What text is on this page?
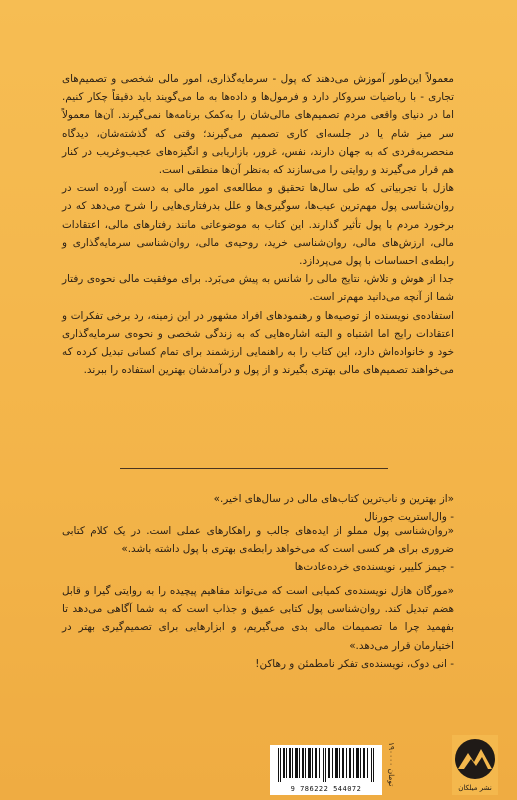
معمولاً این‌طور آموزش می‌دهند که پول - سرمایه‌گذاری، امور مالی شخصی و تصمیم‌های تجاری - با ریاضیات سروکار دارد و فرمول‌ها و داده‌ها به ما می‌گویند باید دقیقاً چکار کنیم. اما در دنیای واقعی مردم تصمیم‌های مالی‌شان را به‌کمک برنامه‌ها نمی‌گیرند. آن‌ها معمولاً سر میز شام یا در جلسه‌ای کاری تصمیم می‌گیرند؛ وقتی که گذشته‌شان، دیدگاه منحصربه‌فردی که به جهان دارند، نفس، غرور، بازاریابی و انگیزه‌های عجیب‌وغریب در کنار هم قرار می‌گیرند و روایتی را می‌سازند که به‌نظر آن‌ها منطقی است.

هازل با تجربیاتی که طی سال‌ها تحقیق و مطالعه‌ی امور مالی به دست آورده است در روان‌شناسی پول مهم‌ترین عیب‌ها، سوگیری‌ها و علل بدرفتاری‌هایی را شرح می‌دهد که در برخورد مردم با پول تأثیر گذارند. این کتاب به موضوعاتی مانند رفتارهای مالی، اعتقادات مالی، ارزش‌های مالی، روان‌شناسی خرید، روحیه‌ی مالی، روان‌شناسی سرمایه‌گذاری و رابطه‌ی احساسات با پول می‌پردازد.

جدا از هوش و تلاش، نتایج مالی را شانس به پیش می‌بَرد. برای موفقیت مالی نحوه‌ی رفتار شما از آنچه می‌دانید مهم‌تر است.

استفاده‌ی نویسنده از توصیه‌ها و رهنمودهای افراد مشهور در این زمینه، رد برخی تفکرات و اعتقادات رایج اما اشتباه و البته اشاره‌هایی که به زندگی شخصی و نحوه‌ی سرمایه‌گذاری خود و خانواده‌اش دارد، این کتاب را به راهنمایی ارزشمند برای تمام کسانی تبدیل کرده که می‌خواهند تصمیم‌های مالی بهتری بگیرند و از پول و درآمدشان بهترین استفاده را ببرند.

«از بهترین و ناب‌ترین کتاب‌های مالی در سال‌های اخیر.»

- وال‌استریت جورنال

«روان‌شناسی پول مملو از ایده‌های جالب و راهکارهای عملی است. در یک کلام کتابی ضروری برای هر کسی است که می‌خواهد رابطه‌ی بهتری با پول داشته باشد.»

- جیمز کلییر، نویسنده‌ی خرده‌عادت‌ها

«مورگان هازل نویسنده‌ی کمیابی است که می‌تواند مفاهیم پیچیده را به روایتی گیرا و قابل هضم تبدیل کند. روان‌شناسی پول کتابی عمیق و جذاب است که به شما آگاهی می‌دهد تا بفهمید چرا ما تصمیمات مالی بدی می‌گیریم، و ابزارهایی برای تصمیم‌گیری بهتر در اختیارمان قرار می‌دهد.»

- انی دوک، نویسنده‌ی تفکر نامطمئن و رهاکن!

9 786222 544072
۱۹۰۰۰۰ تومان
نشر میلکان
